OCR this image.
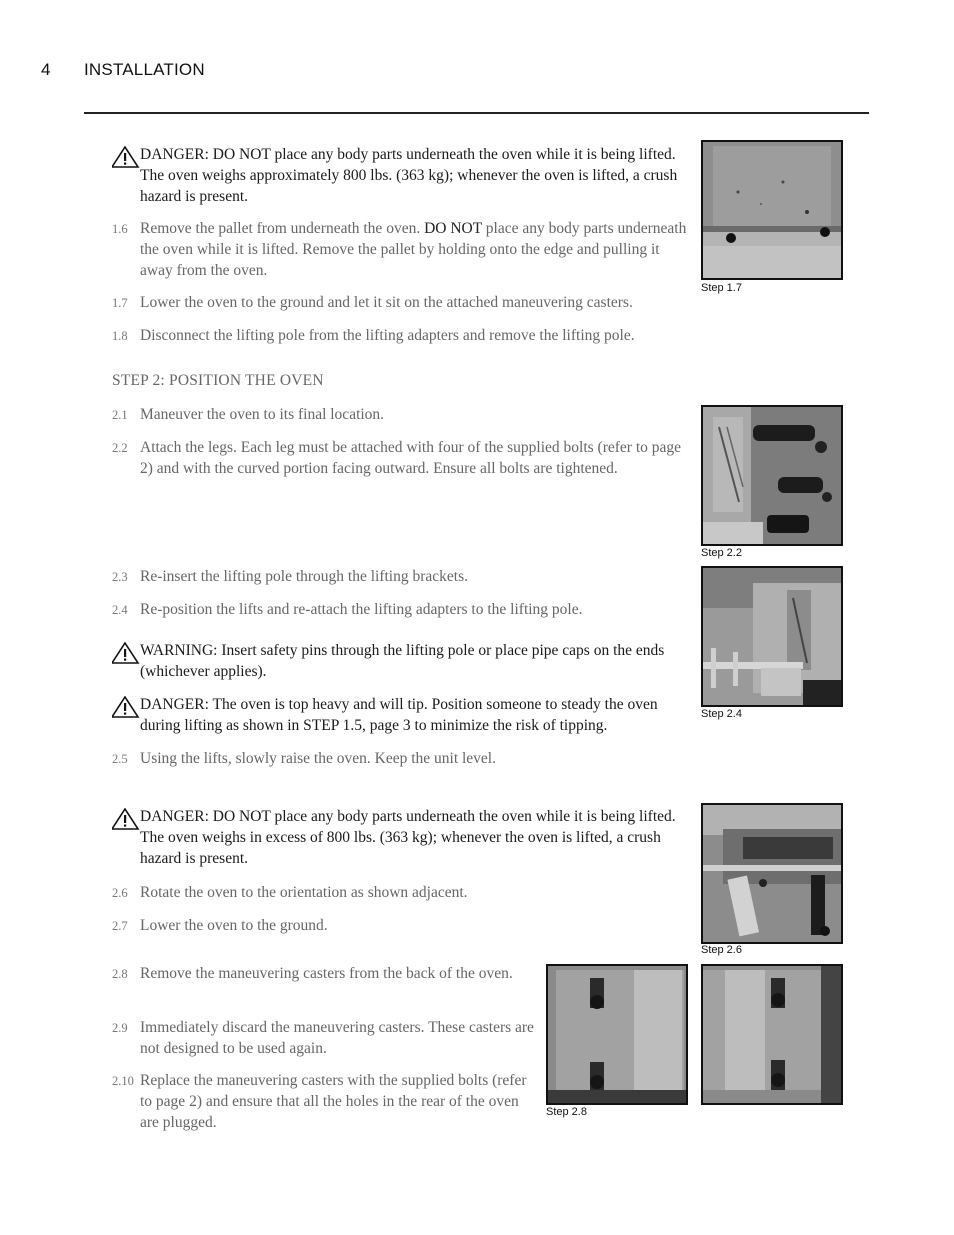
4 INSTALLATION
DANGER: DO NOT place any body parts underneath the oven while it is being lifted. The oven weighs approximately 800 lbs. (363 kg); whenever the oven is lifted, a crush hazard is present.
1.6 Remove the pallet from underneath the oven. DO NOT place any body parts underneath the oven while it is lifted. Remove the pallet by holding onto the edge and pulling it away from the oven.
1.7 Lower the oven to the ground and let it sit on the attached maneuvering casters.
1.8 Disconnect the lifting pole from the lifting adapters and remove the lifting pole.
STEP 2: POSITION THE OVEN
2.1 Maneuver the oven to its final location.
2.2 Attach the legs. Each leg must be attached with four of the supplied bolts (refer to page 2) and with the curved portion facing outward. Ensure all bolts are tightened.
2.3 Re-insert the lifting pole through the lifting brackets.
2.4 Re-position the lifts and re-attach the lifting adapters to the lifting pole.
WARNING: Insert safety pins through the lifting pole or place pipe caps on the ends (whichever applies).
DANGER: The oven is top heavy and will tip. Position someone to steady the oven during lifting as shown in STEP 1.5, page 3 to minimize the risk of tipping.
2.5 Using the lifts, slowly raise the oven. Keep the unit level.
DANGER: DO NOT place any body parts underneath the oven while it is being lifted. The oven weighs in excess of 800 lbs. (363 kg); whenever the oven is lifted, a crush hazard is present.
2.6 Rotate the oven to the orientation as shown adjacent.
2.7 Lower the oven to the ground.
2.8 Remove the maneuvering casters from the back of the oven.
2.9 Immediately discard the maneuvering casters. These casters are not designed to be used again.
2.10 Replace the maneuvering casters with the supplied bolts (refer to page 2) and ensure that all the holes in the rear of the oven are plugged.
Step 1.7
Step 2.2
Step 2.4
Step 2.6
Step 2.8
